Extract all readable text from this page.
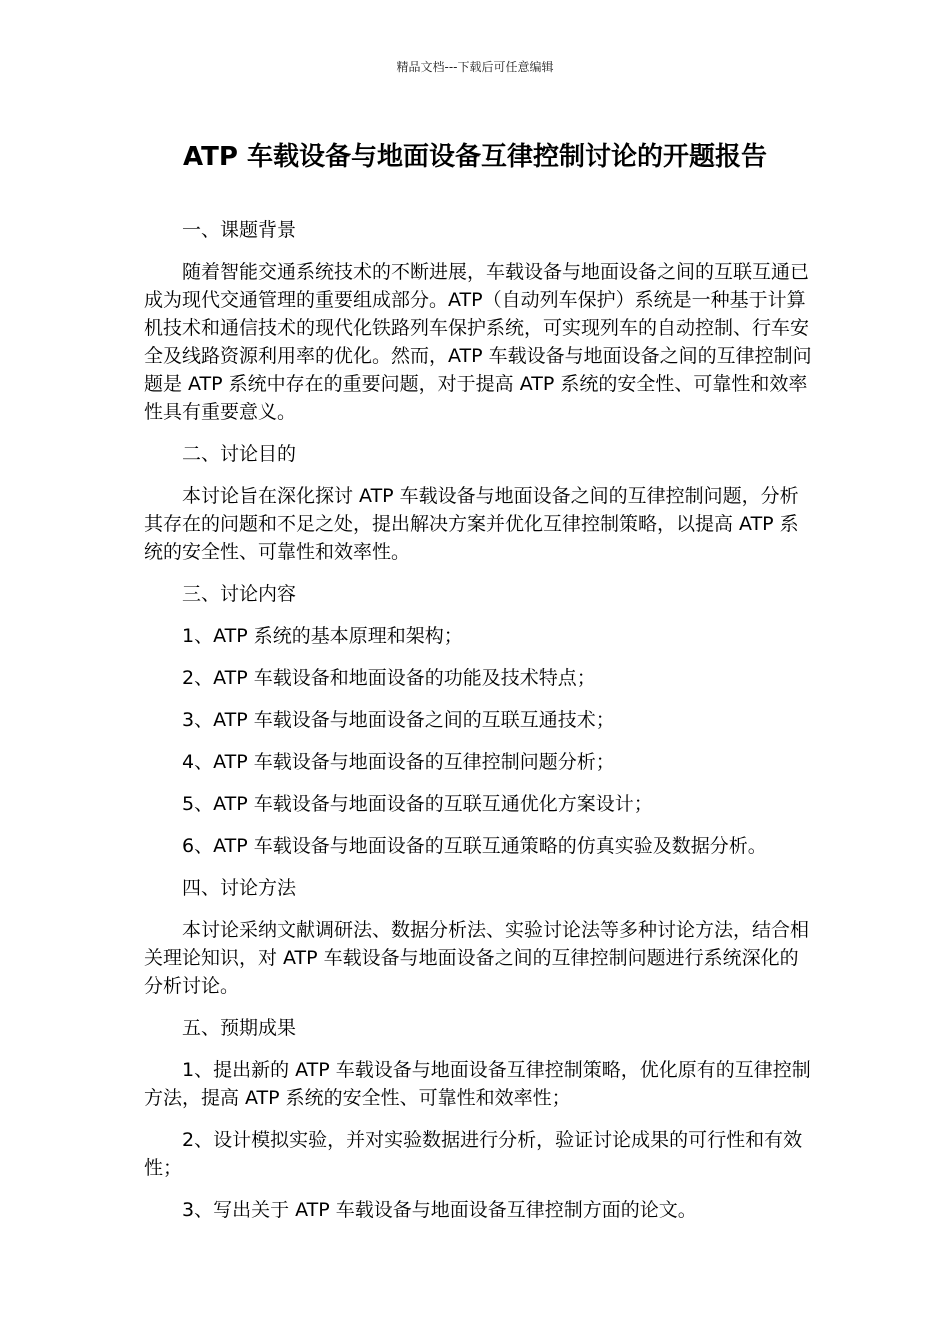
精品文档---下载后可任意编辑
ATP 车载设备与地面设备互律控制讨论的开题报告

一、课题背景

随着智能交通系统技术的不断进展，车载设备与地面设备之间的互联互通已成为现代交通管理的重要组成部分。ATP（自动列车保护）系统是一种基于计算机技术和通信技术的现代化铁路列车保护系统，可实现列车的自动控制、行车安全及线路资源利用率的优化。然而，ATP 车载设备与地面设备之间的互律控制问题是 ATP 系统中存在的重要问题，对于提高 ATP 系统的安全性、可靠性和效率性具有重要意义。

二、讨论目的

本讨论旨在深化探讨 ATP 车载设备与地面设备之间的互律控制问题，分析其存在的问题和不足之处，提出解决方案并优化互律控制策略，以提高 ATP 系统的安全性、可靠性和效率性。

三、讨论内容

1、ATP 系统的基本原理和架构；

2、ATP 车载设备和地面设备的功能及技术特点；

3、ATP 车载设备与地面设备之间的互联互通技术；

4、ATP 车载设备与地面设备的互律控制问题分析；

5、ATP 车载设备与地面设备的互联互通优化方案设计；

6、ATP 车载设备与地面设备的互联互通策略的仿真实验及数据分析。

四、讨论方法

本讨论采纳文献调研法、数据分析法、实验讨论法等多种讨论方法，结合相关理论知识，对 ATP 车载设备与地面设备之间的互律控制问题进行系统深化的分析讨论。

五、预期成果

1、提出新的 ATP 车载设备与地面设备互律控制策略，优化原有的互律控制方法，提高 ATP 系统的安全性、可靠性和效率性；

2、设计模拟实验，并对实验数据进行分析，验证讨论成果的可行性和有效性；

3、写出关于 ATP 车载设备与地面设备互律控制方面的论文。
